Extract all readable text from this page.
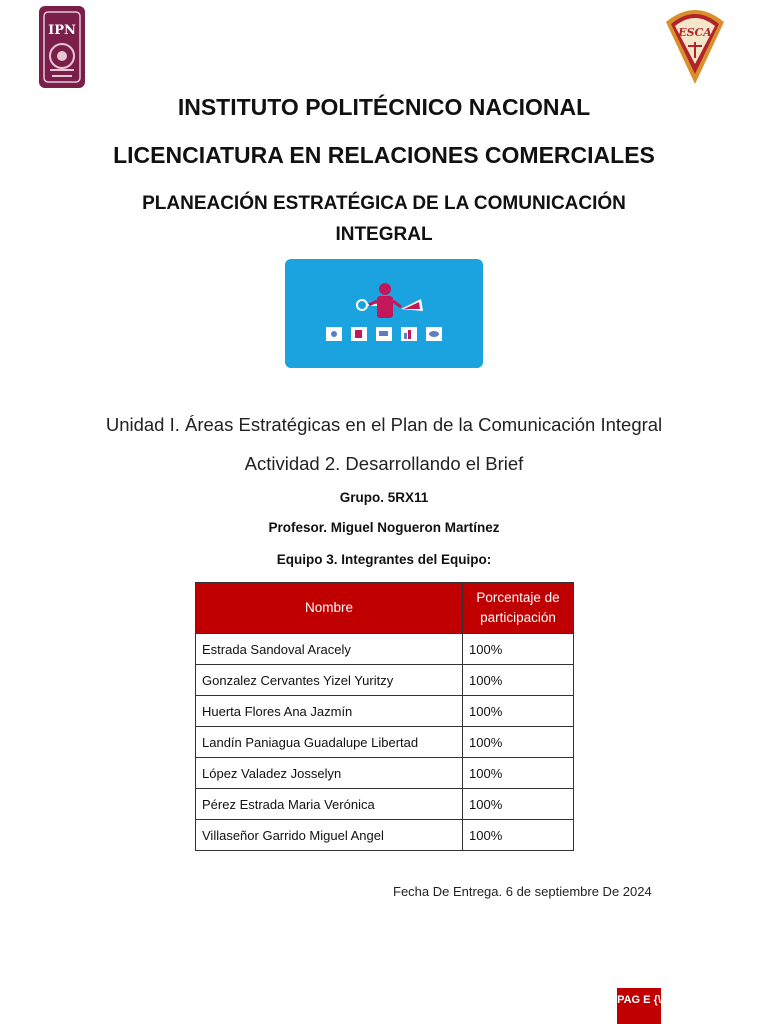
IPN	ESCA
INSTITUTO POLITÉCNICO NACIONAL
LICENCIATURA EN RELACIONES COMERCIALES
PLANEACIÓN ESTRATÉGICA DE LA COMUNICACIÓN INTEGRAL
Unidad I. Áreas Estratégicas en el Plan de la Comunicación Integral
Actividad 2. Desarrollando el Brief
Grupo. 5RX11
Profesor. Miguel Nogueron Martínez
Equipo 3. Integrantes del Equipo:
Nombre	Porcentaje de participación
Estrada Sandoval Aracely	100%
Gonzalez Cervantes Yizel Yuritzy	100%
Huerta Flores Ana Jazmín	100%
Landín Paniagua Guadalupe Libertad	100%
López Valadez Josselyn	100%
Pérez Estrada Maria Verónica	100%
Villaseñor Garrido Miguel Angel	100%
Fecha De Entrega. 6 de septiembre De 2024
PAG E {\
